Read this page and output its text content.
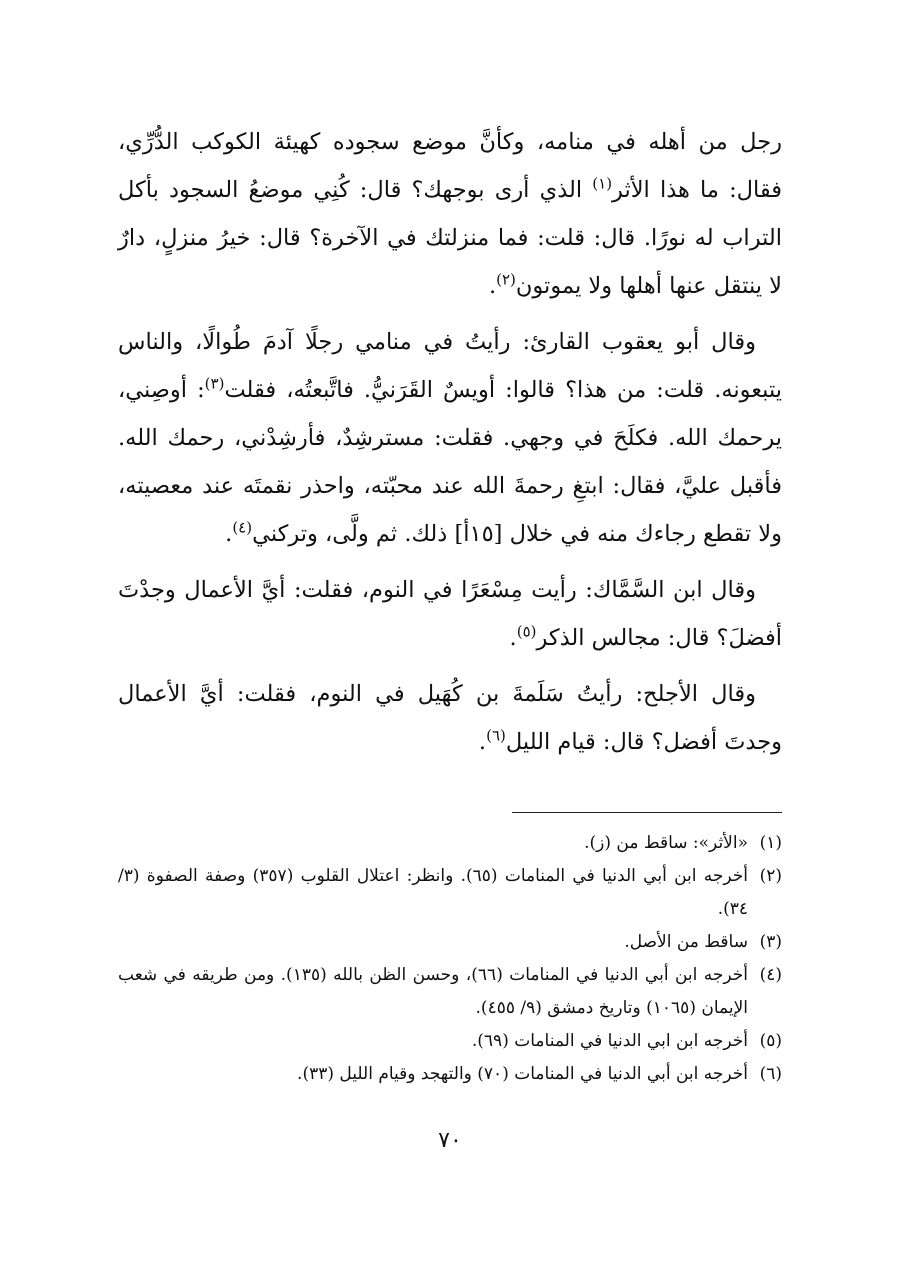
رجل من أهله في منامه، وكأنَّ موضع سجوده كهيئة الكوكب الدُّرِّي، فقال: ما هذا الأثر$^{(١)}$ الذي أرى بوجهك؟ قال: كُنِي موضعُ السجود بأكل التراب له نورًا. قال: قلت: فما منزلتك في الآخرة؟ قال: خيرُ منزلٍ، دارٌ لا ينتقل عنها أهلها ولا يموتون$^{(٢)}$.

وقال أبو يعقوب القارئ: رأيتُ في منامي رجلًا آدمَ طُوالًا، والناس يتبعونه. قلت: من هذا؟ قالوا: أويسٌ القَرَنيُّ. فاتَّبعتُه، فقلت$^{(٣)}$: أوصِني، يرحمك الله. فكلَحَ في وجهي. فقلت: مسترشِدٌ، فأرشِدْني، رحمك الله. فأقبل عليَّ، فقال: ابتغِ رحمةَ الله عند محبّته، واحذر نقمتَه عند معصيته، ولا تقطع رجاءك منه في خلال [١٥أ] ذلك. ثم ولَّى، وتركني$^{(٤)}$.

وقال ابن السَّمَّاك: رأيت مِسْعَرًا في النوم، فقلت: أيَّ الأعمال وجدْتَ أفضلَ؟ قال: مجالس الذكر$^{(٥)}$.

وقال الأجلح: رأيتُ سَلَمةَ بن كُهَيل في النوم، فقلت: أيَّ الأعمال وجدتَ أفضل؟ قال: قيام الليل$^{(٦)}$.

(١)
«الأثر»: ساقط من (ز).
(٢)
أخرجه ابن أبي الدنيا في المنامات (٦٥). وانظر: اعتلال القلوب (٣٥٧) وصفة الصفوة (٣/ ٣٤).
(٣)
ساقط من الأصل.
(٤)
أخرجه ابن أبي الدنيا في المنامات (٦٦)، وحسن الظن بالله (١٣٥). ومن طريقه في شعب الإيمان (١٠٦٥) وتاريخ دمشق (٩/ ٤٥٥).
(٥)
أخرجه ابن ابي الدنيا في المنامات (٦٩).
(٦)
أخرجه ابن أبي الدنيا في المنامات (٧٠) والتهجد وقيام الليل (٣٣).
٧٠
